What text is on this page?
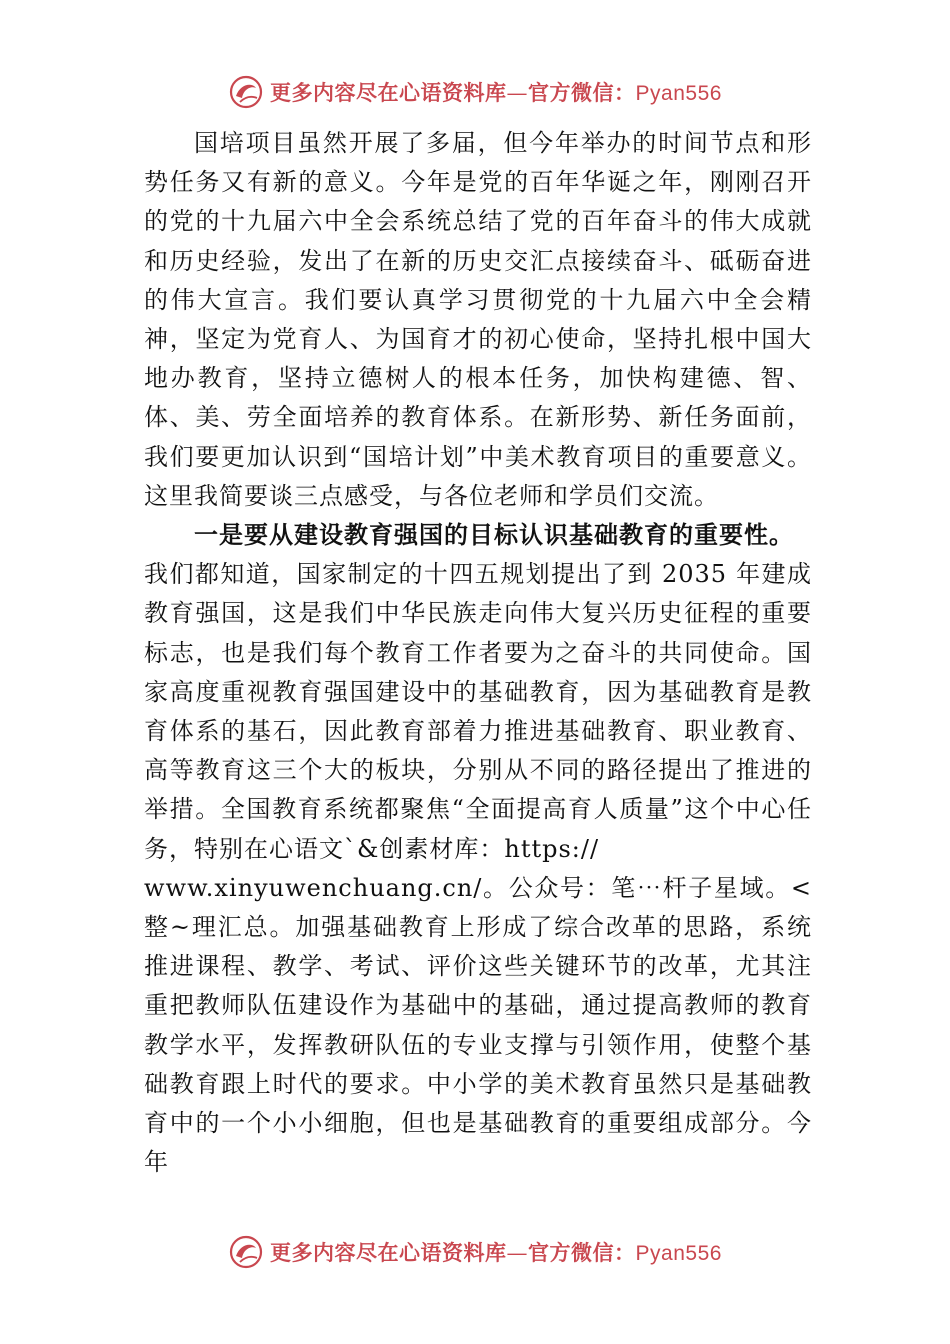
更多内容尽在心语资料库—官方微信：Pyan556

国培项目虽然开展了多届，但今年举办的时间节点和形势任务又有新的意义。今年是党的百年华诞之年，刚刚召开的党的十九届六中全会系统总结了党的百年奋斗的伟大成就和历史经验，发出了在新的历史交汇点接续奋斗、砥砺奋进的伟大宣言。我们要认真学习贯彻党的十九届六中全会精神，坚定为党育人、为国育才的初心使命，坚持扎根中国大地办教育，坚持立德树人的根本任务，加快构建德、智、体、美、劳全面培养的教育体系。在新形势、新任务面前，我们要更加认识到“国培计划”中美术教育项目的重要意义。这里我简要谈三点感受，与各位老师和学员们交流。

一是要从建设教育强国的目标认识基础教育的重要性。

我们都知道，国家制定的十四五规划提出了到 2035 年建成教育强国，这是我们中华民族走向伟大复兴历史征程的重要标志，也是我们每个教育工作者要为之奋斗的共同使命。国家高度重视教育强国建设中的基础教育，因为基础教育是教育体系的基石，因此教育部着力推进基础教育、职业教育、高等教育这三个大的板块，分别从不同的路径提出了推进的举措。全国教育系统都聚焦“全面提高育人质量”这个中心任务，特别在心语文`&创素材库：https://

www.xinyuwenchuang.cn/。公众号：笔⋯杆子星域。<整~理汇总。加强基础教育上形成了综合改革的思路，系统推进课程、教学、考试、评价这些关键环节的改革，尤其注重把教师队伍建设作为基础中的基础，通过提高教师的教育教学水平，发挥教研队伍的专业支撑与引领作用，使整个基础教育跟上时代的要求。中小学的美术教育虽然只是基础教育中的一个小小细胞，但也是基础教育的重要组成部分。今年

更多内容尽在心语资料库—官方微信：Pyan556
